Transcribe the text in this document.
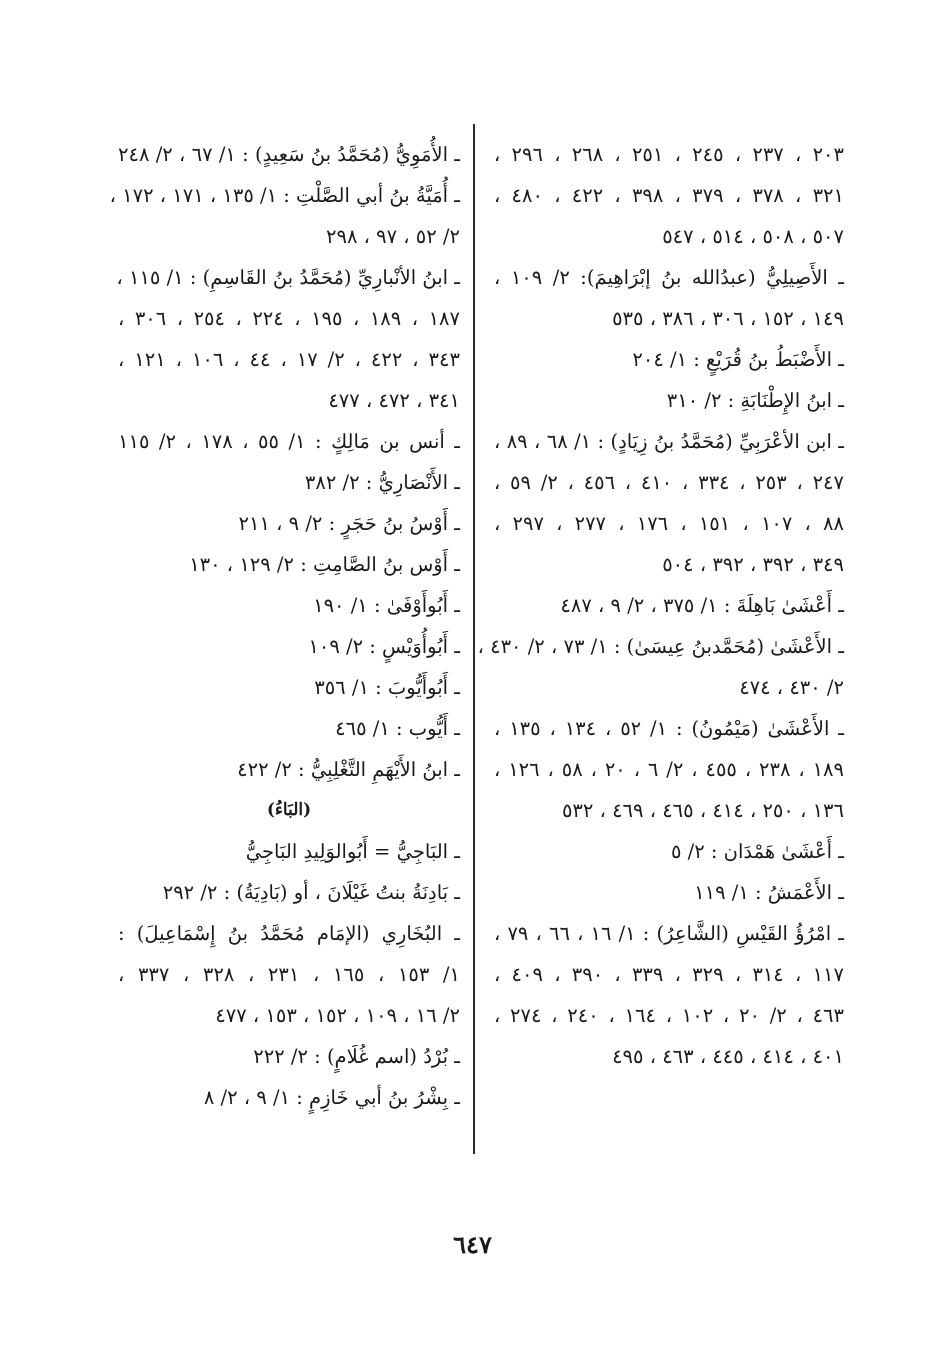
٢٠٣ ، ٢٣٧ ، ٢٤٥ ، ٢٥١ ، ٢٦٨ ، ٢٩٦ ،
٣٢١ ، ٣٧٨ ، ٣٧٩ ، ٣٩٨ ، ٤٢٢ ، ٤٨٠ ،
٥٠٧ ، ٥٠٨ ، ٥١٤ ، ٥٤٧
ـ الأَصِيلِيُّ (عبدُالله بنُ إبْرَاهِيمَ): ٢/ ١٠٩ ،
١٤٩ ، ١٥٢ ، ٣٠٦ ، ٣٨٦ ، ٥٣٥
ـ الأَضْبَطُ بنُ قُرَيْعٍ : ١/ ٢٠٤
ـ ابنُ الإِطْنَابَةِ : ٢/ ٣١٠
ـ ابن الأعْرَبِيِّ (مُحَمَّدُ بنُ زِيَادٍ) : ١/ ٦٨ ، ٨٩ ،
٢٤٧ ، ٢٥٣ ، ٣٣٤ ، ٤١٠ ، ٤٥٦ ، ٢/ ٥٩ ،
٨٨ ، ١٠٧ ، ١٥١ ، ١٧٦ ، ٢٧٧ ، ٢٩٧ ،
٣٤٩ ، ٣٩٢ ، ٣٩٢ ، ٥٠٤
ـ أَعْشَىٰ بَاهِلَةَ : ١/ ٣٧٥ ، ٢/ ٩ ، ٤٨٧
ـ الأَعْشَىٰ (مُحَمَّدبنُ عِيسَىٰ) : ١/ ٧٣ ، ٢/ ٤٣٠ ،
٢/ ٤٣٠ ، ٤٧٤
ـ الأَعْشَىٰ (مَيْمُونُ) : ١/ ٥٢ ، ١٣٤ ، ١٣٥ ،
١٨٩ ، ٢٣٨ ، ٤٥٥ ، ٢/ ٦ ، ٢٠ ، ٥٨ ، ١٢٦ ،
١٣٦ ، ٢٥٠ ، ٤١٤ ، ٤٦٥ ، ٤٦٩ ، ٥٣٢
ـ أَعْشَىٰ هَمْدَان : ٢/ ٥
ـ الأَعْمَشُ : ١/ ١١٩
ـ امْرُؤُ القَيْسِ (الشَّاعِرُ) : ١/ ١٦ ، ٦٦ ، ٧٩ ،
١١٧ ، ٣١٤ ، ٣٢٩ ، ٣٣٩ ، ٣٩٠ ، ٤٠٩ ،
٤٦٣ ، ٢/ ٢٠ ، ١٠٢ ، ١٦٤ ، ٢٤٠ ، ٢٧٤ ،
٤٠١ ، ٤١٤ ، ٤٤٥ ، ٤٦٣ ، ٤٩٥
ـ الأُمَوِيُّ (مُحَمَّدُ بنُ سَعِيدٍ) : ١/ ٦٧ ، ٢/ ٢٤٨
ـ أُمَيَّةُ بنُ أبي الصَّلْتِ : ١/ ١٣٥ ، ١٧١ ، ١٧٢ ،
٢/ ٥٢ ، ٩٧ ، ٢٩٨
ـ ابنُ الأنْبارِيِّ (مُحَمَّدُ بنُ القَاسِمِ) : ١/ ١١٥ ،
١٨٧ ، ١٨٩ ، ١٩٥ ، ٢٢٤ ، ٢٥٤ ، ٣٠٦ ،
٣٤٣ ، ٤٢٢ ، ٢/ ١٧ ، ٤٤ ، ١٠٦ ، ١٢١ ،
٣٤١ ، ٤٧٢ ، ٤٧٧
ـ أنس بن مَالِكٍ : ١/ ٥٥ ، ١٧٨ ، ٢/ ١١٥
ـ الأَنْصَارِيُّ : ٢/ ٣٨٢
ـ أَوْسُ بنُ حَجَرٍ : ٢/ ٩ ، ٢١١
ـ أَوْس بنُ الصَّامِتِ : ٢/ ١٢٩ ، ١٣٠
ـ أَبُوأَوْفَىٰ : ١/ ١٩٠
ـ أَبُوأُوَيْسٍ : ٢/ ١٠٩
ـ أَبُوأَيُّوبَ : ١/ ٣٥٦
ـ أَيُّوب : ١/ ٤٦٥
ـ ابنُ الأَيْهَمِ التَّغْلِبِيُّ : ٢/ ٤٢٢
(البَاءُ)
ـ البَاجِيُّ = أَبُوالوَلِيدِ البَاجِيُّ
ـ بَادِنَةُ بنتُ غَيْلَانَ ، أو (بَادِيَةُ) : ٢/ ٢٩٢
ـ البُخَارِي (الإمَام مُحَمَّدُ بنُ إِسْمَاعِيلَ) :
١/ ١٥٣ ، ١٦٥ ، ٢٣١ ، ٣٢٨ ، ٣٣٧ ،
٢/ ١٦ ، ١٠٩ ، ١٥٢ ، ١٥٣ ، ٤٧٧
ـ بُرْدُ (اسم غُلَامٍ) : ٢/ ٢٢٢
ـ بِشْرُ بنُ أبي خَازِمٍ : ١/ ٩ ، ٢/ ٨
٦٤٧
